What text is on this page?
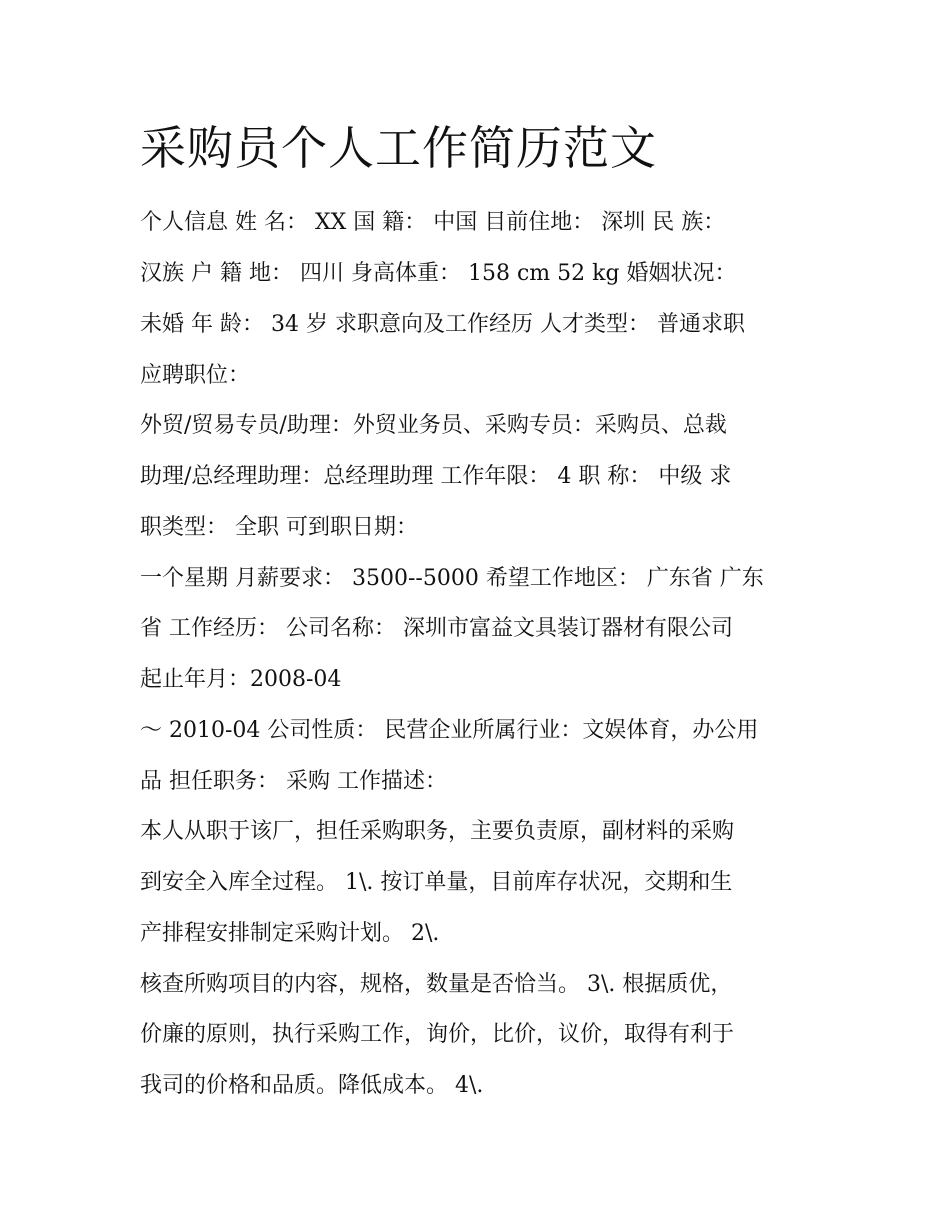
采购员个人工作简历范文

个人信息 姓 名： XX 国 籍： 中国 目前住地： 深圳 民 族：

汉族 户 籍 地： 四川 身高体重： 158 cm 52 kg 婚姻状况：

未婚 年 龄： 34 岁 求职意向及工作经历 人才类型： 普通求职

应聘职位：

外贸/贸易专员/助理：外贸业务员、采购专员：采购员、总裁

助理/总经理助理：总经理助理 工作年限： 4 职 称： 中级 求

职类型： 全职 可到职日期：

一个星期 月薪要求： 3500--5000 希望工作地区： 广东省 广东

省 工作经历： 公司名称： 深圳市富益文具装订器材有限公司

起止年月：2008-04

～ 2010-04 公司性质： 民营企业所属行业：文娱体育，办公用

品 担任职务： 采购 工作描述：

本人从职于该厂，担任采购职务，主要负责原，副材料的采购

到安全入库全过程。 1\. 按订单量，目前库存状况，交期和生

产排程安排制定采购计划。 2\.

核查所购项目的内容，规格，数量是否恰当。 3\. 根据质优，

价廉的原则，执行采购工作，询价，比价，议价，取得有利于

我司的价格和品质。降低成本。 4\.
